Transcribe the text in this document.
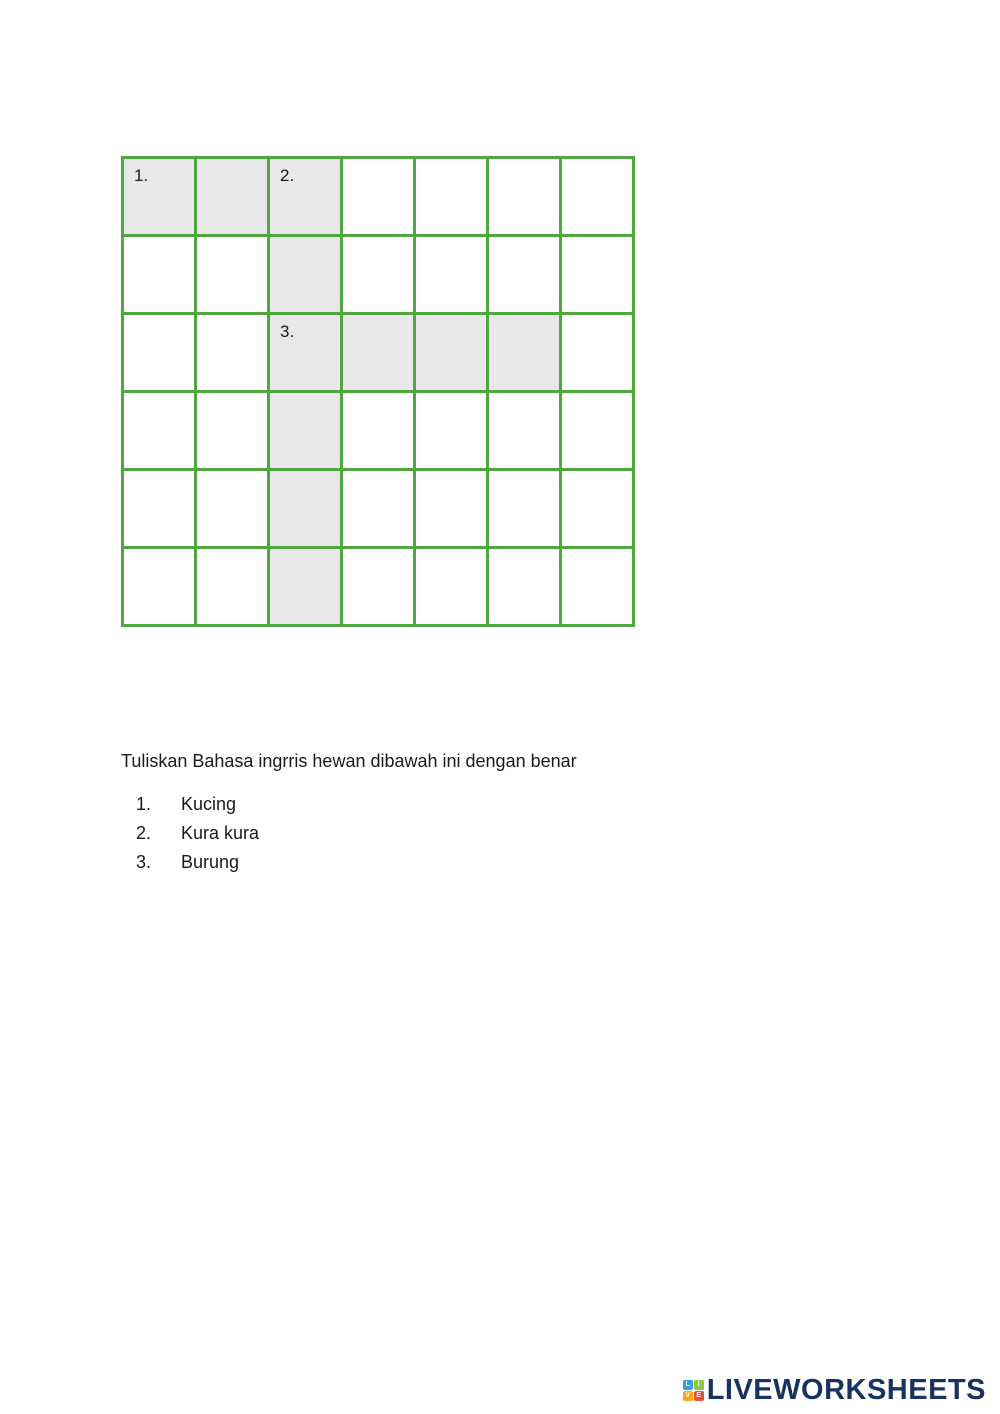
1.		2.				

		3.				

Tuliskan Bahasa ingrris hewan dibawah ini dengan benar

1.	Kucing
2.	Kura kura
3.	Burung
L	I
V E LIVEWORKSHEETS
